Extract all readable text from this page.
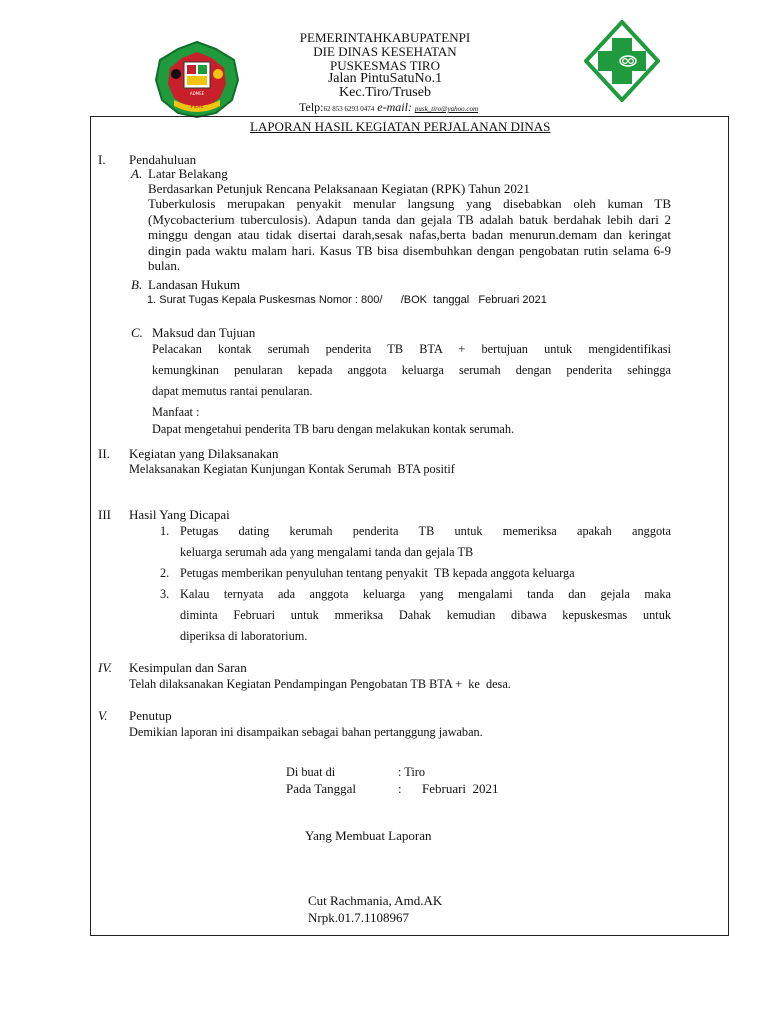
ADMEE
PIDIE
PEMERINTAHKABUPATENPI
DIE DINAS KESEHATAN
PUSKESMAS TIRO
Jalan PintuSatuNo.1
Kec.Tiro/Truseb
Telp:62 853 6293 0474 e-mail: pusk_tiro@yahoo.com
LAPORAN HASIL KEGIATAN PERJALANAN DINAS
I. Pendahuluan
A. Latar Belakang
Berdasarkan Petunjuk Rencana Pelaksanaan Kegiatan (RPK) Tahun 2021
Tuberkulosis merupakan penyakit menular langsung yang disebabkan oleh kuman TB (Mycobacterium tuberculosis). Adapun tanda dan gejala TB adalah batuk berdahak lebih dari 2 minggu dengan atau tidak disertai darah,sesak nafas,berta badan menurun.demam dan keringat dingin pada waktu malam hari. Kasus TB bisa disembuhkan dengan pengobatan rutin selama 6-9 bulan.
B. Landasan Hukum
1. Surat Tugas Kepala Puskesmas Nomor : 800/      /BOK  tanggal   Februari 2021
C. Maksud dan Tujuan
Pelacakan kontak serumah penderita TB BTA + bertujuan untuk mengidentifikasi
kemungkinan penularan kepada anggota keluarga serumah dengan penderita sehingga
dapat memutus rantai penularan.
Manfaat :
Dapat mengetahui penderita TB baru dengan melakukan kontak serumah.
II. Kegiatan yang Dilaksanakan
Melaksanakan Kegiatan Kunjungan Kontak Serumah  BTA positif
III Hasil Yang Dicapai
1. Petugas dating kerumah penderita TB untuk memeriksa apakah anggota
keluarga serumah ada yang mengalami tanda dan gejala TB
2. Petugas memberikan penyuluhan tentang penyakit  TB kepada anggota keluarga
3. Kalau ternyata ada anggota keluarga yang mengalami tanda dan gejala maka
diminta Februari untuk mmeriksa Dahak kemudian dibawa kepuskesmas untuk
diperiksa di laboratorium.
IV. Kesimpulan dan Saran
Telah dilaksanakan Kegiatan Pendampingan Pengobatan TB BTA +  ke  desa.
V. Penutup
Demikian laporan ini disampaikan sebagai bahan pertanggung jawaban.
Di buat di	: Tiro
Pada Tanggal	: Februari  2021
Yang Membuat Laporan
Cut Rachmania, Amd.AK
Nrpk.01.7.1108967
